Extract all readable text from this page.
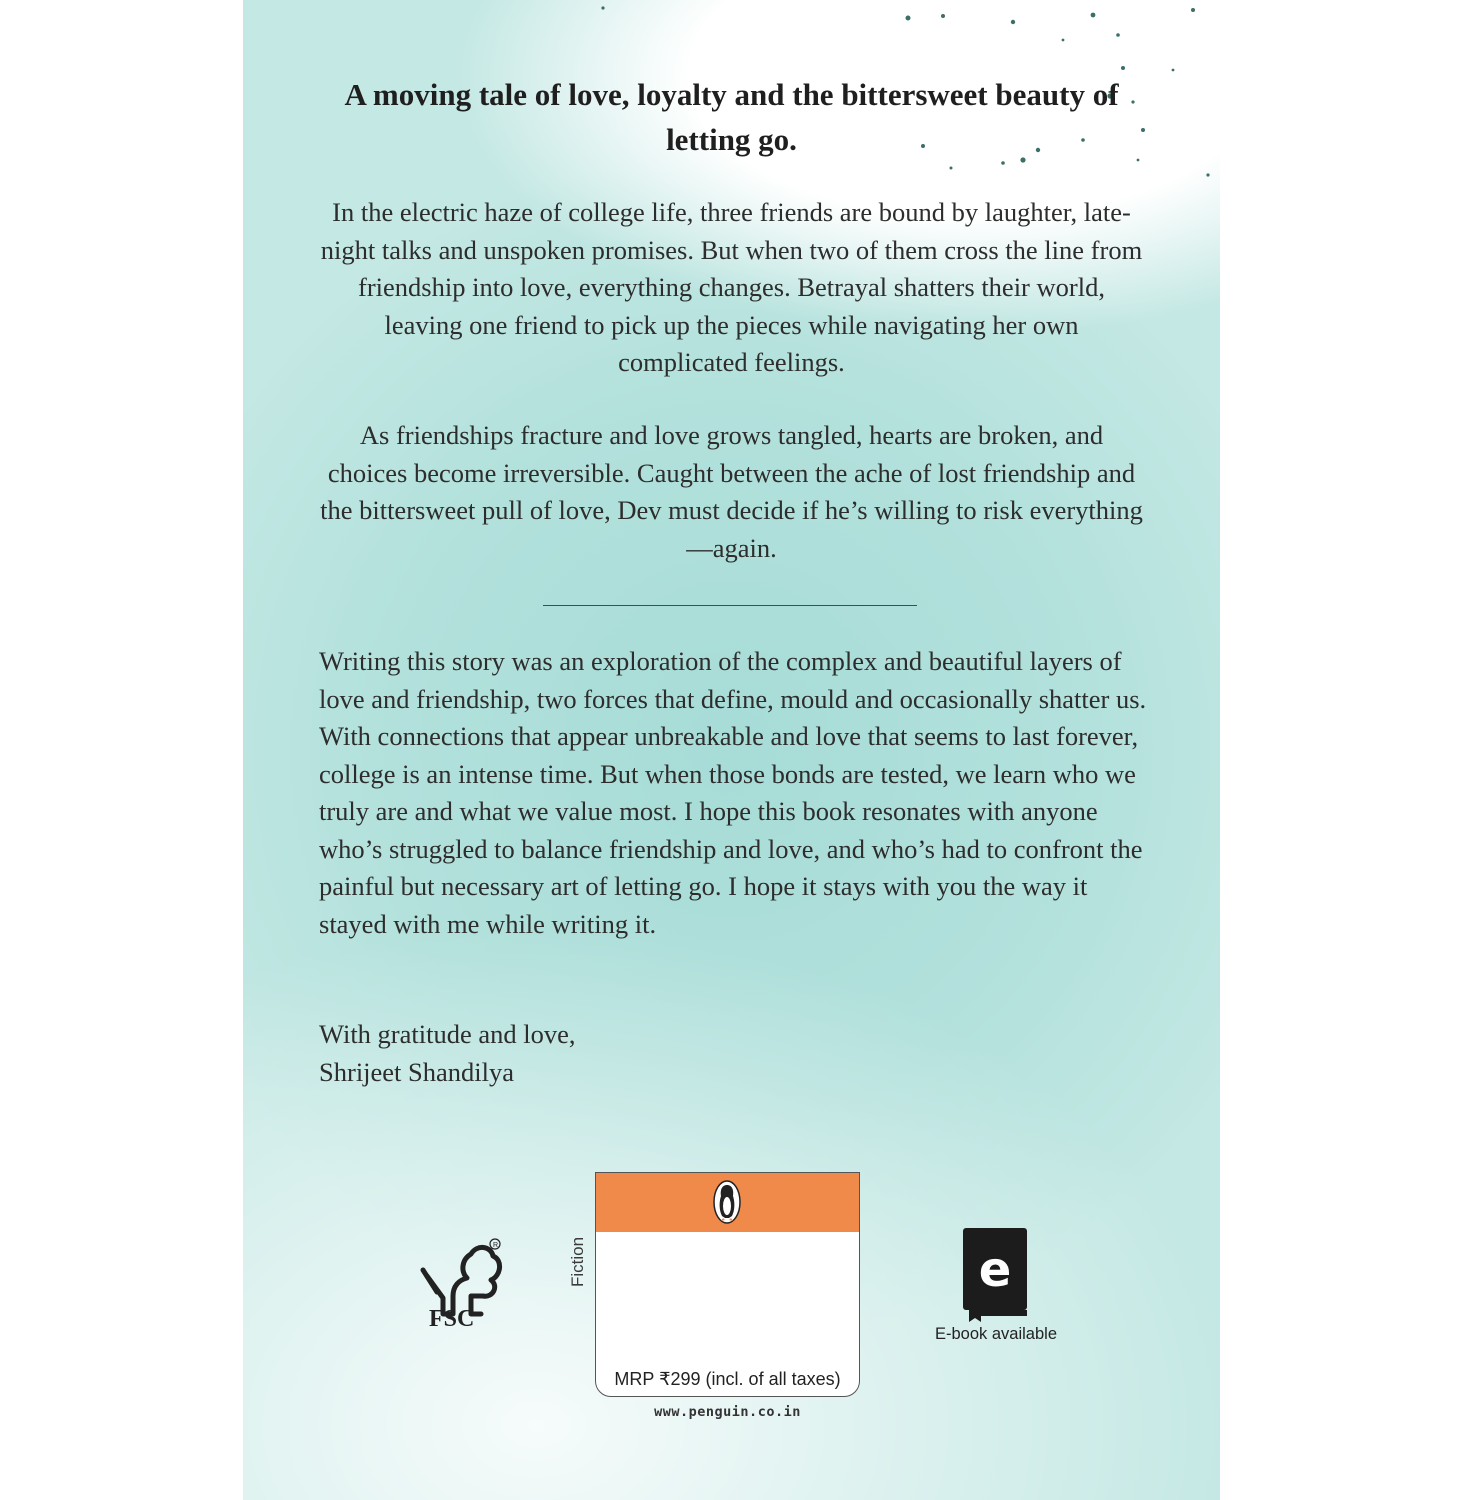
A moving tale of love, loyalty and the bittersweet beauty of letting go.
In the electric haze of college life, three friends are bound by laughter, late-night talks and unspoken promises. But when two of them cross the line from friendship into love, everything changes. Betrayal shatters their world, leaving one friend to pick up the pieces while navigating her own complicated feelings.
As friendships fracture and love grows tangled, hearts are broken, and choices become irreversible. Caught between the ache of lost friendship and the bittersweet pull of love, Dev must decide if he’s willing to risk everything—again.

Writing this story was an exploration of the complex and beautiful layers of love and friendship, two forces that define, mould and occasionally shatter us. With connections that appear unbreakable and love that seems to last forever, college is an intense time. But when those bonds are tested, we learn who we truly are and what we value most. I hope this book resonates with anyone who’s struggled to balance friendship and love, and who’s had to confront the painful but necessary art of letting go. I hope it stays with you the way it stayed with me while writing it.

With gratitude and love,
Shrijeet Shandilya
R
FSC
Fiction
MRP ₹299 (incl. of all taxes)
www.penguin.co.in
e
E-book available
